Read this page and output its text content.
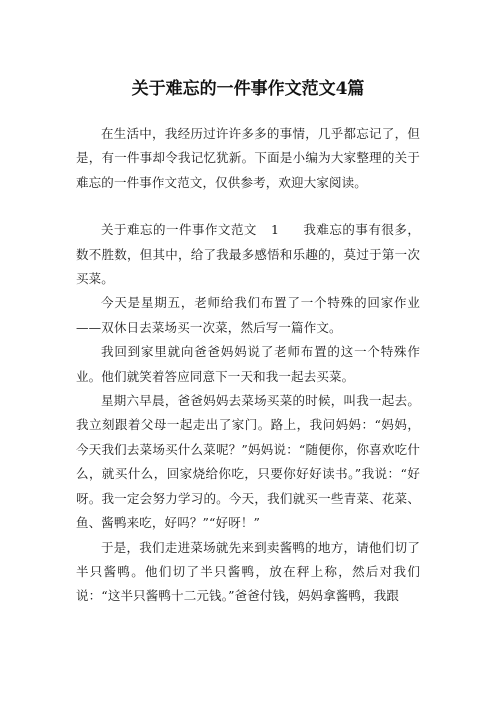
关于难忘的一件事作文范文4篇

在生活中，我经历过许许多多的事情，几乎都忘记了，但是，有一件事却令我记忆犹新。下面是小编为大家整理的关于难忘的一件事作文范文，仅供参考，欢迎大家阅读。

关于难忘的一件事作文范文 1 我难忘的事有很多，数不胜数，但其中，给了我最多感悟和乐趣的，莫过于第一次买菜。

今天是星期五，老师给我们布置了一个特殊的回家作业——双休日去菜场买一次菜，然后写一篇作文。

我回到家里就向爸爸妈妈说了老师布置的这一个特殊作业。他们就笑着答应同意下一天和我一起去买菜。

星期六早晨，爸爸妈妈去菜场买菜的时候，叫我一起去。我立刻跟着父母一起走出了家门。路上，我问妈妈：“妈妈，今天我们去菜场买什么菜呢？”妈妈说：“随便你，你喜欢吃什么，就买什么，回家烧给你吃，只要你好好读书。”我说：“好呀。我一定会努力学习的。今天，我们就买一些青菜、花菜、鱼、酱鸭来吃，好吗？”“好呀！”

于是，我们走进菜场就先来到卖酱鸭的地方，请他们切了半只酱鸭。他们切了半只酱鸭，放在秤上称，然后对我们说：“这半只酱鸭十二元钱。”爸爸付钱，妈妈拿酱鸭，我跟
